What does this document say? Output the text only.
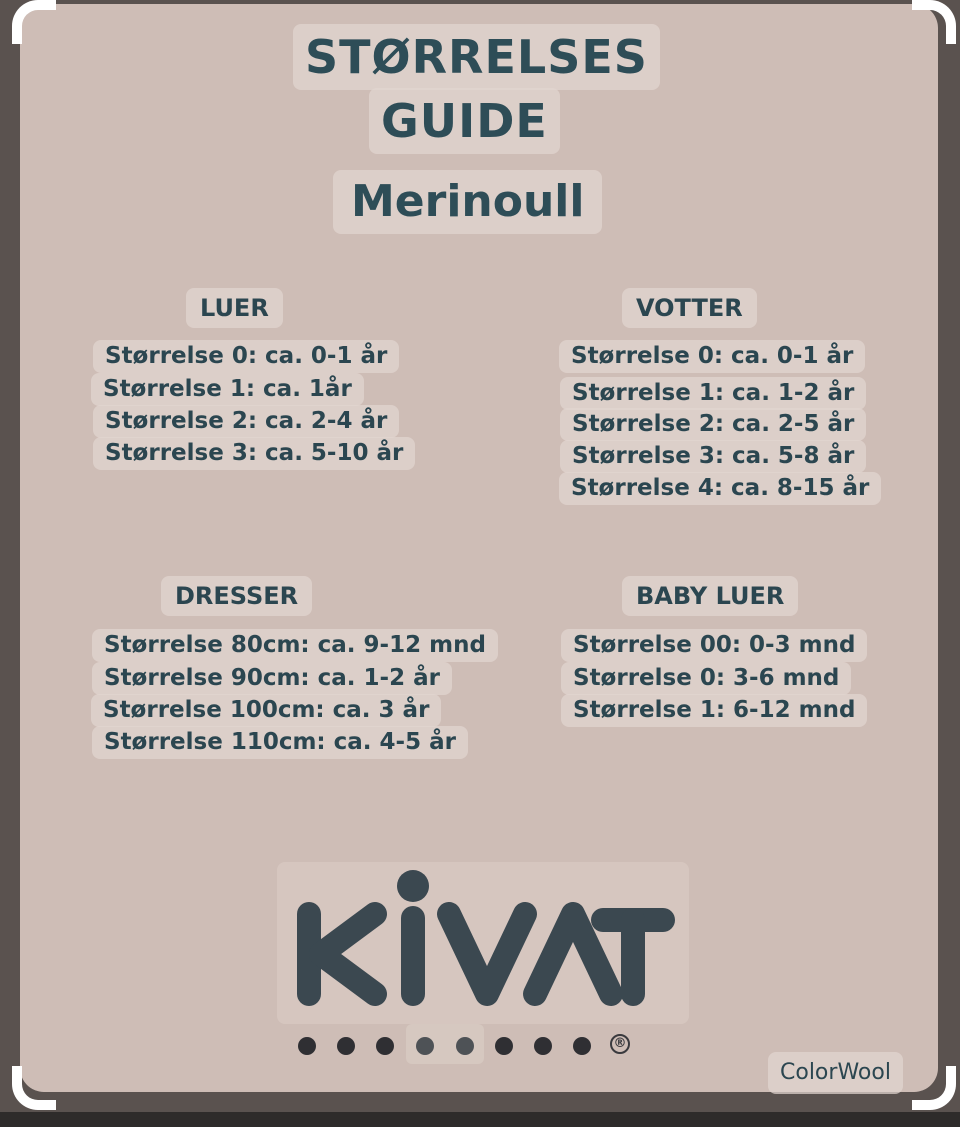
STØRRELSES
GUIDE
Merinoull
LUER
Størrelse 0: ca. 0-1 år
Størrelse 1: ca. 1år
Størrelse 2: ca. 2-4 år
Størrelse 3: ca. 5-10 år
VOTTER
Størrelse 0: ca. 0-1 år
Størrelse 1: ca. 1-2 år
Størrelse 2: ca. 2-5 år
Størrelse 3: ca. 5-8 år
Størrelse 4: ca. 8-15 år
DRESSER
Størrelse 80cm: ca. 9-12 mnd
Størrelse 90cm: ca. 1-2 år
Størrelse 100cm: ca. 3 år
Størrelse 110cm: ca. 4-5 år
BABY LUER
Størrelse 00: 0-3 mnd
Størrelse 0: 3-6 mnd
Størrelse 1: 6-12 mnd
®
ColorWool
